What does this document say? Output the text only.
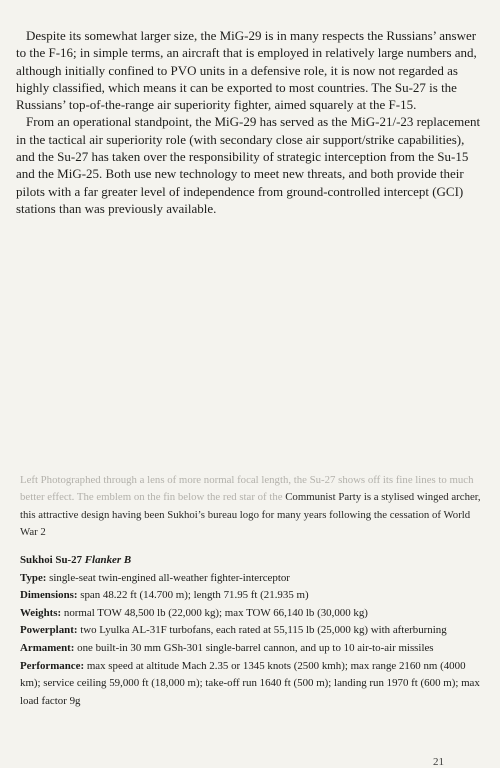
Despite its somewhat larger size, the MiG-29 is in many respects the Russians’ answer to the F-16; in simple terms, an aircraft that is employed in relatively large numbers and, although initially confined to PVO units in a defensive role, it is now not regarded as highly classified, which means it can be exported to most countries. The Su-27 is the Russians’ top-of-the-range air superiority fighter, aimed squarely at the F-15.

From an operational standpoint, the MiG-29 has served as the MiG-21/-23 replacement in the tactical air superiority role (with secondary close air support/strike capabilities), and the Su-27 has taken over the responsibility of strategic interception from the Su-15 and the MiG-25. Both use new technology to meet new threats, and both provide their pilots with a far greater level of independence from ground-controlled intercept (GCI) stations than was previously available.

Left Photographed through a lens of more normal focal length, the Su-27 shows off its fine lines to much better effect. The emblem on the fin below the red star of the Communist Party is a stylised winged archer, this attractive design having been Sukhoi’s bureau logo for many years following the cessation of World War 2
Sukhoi Su-27 Flanker B
Type: single-seat twin-engined all-weather fighter-interceptor
Dimensions: span 48.22 ft (14.700 m); length 71.95 ft (21.935 m)
Weights: normal TOW 48,500 lb (22,000 kg); max TOW 66,140 lb (30,000 kg)
Powerplant: two Lyulka AL-31F turbofans, each rated at 55,115 lb (25,000 kg) with afterburning
Armament: one built-in 30 mm GSh-301 single-barrel cannon, and up to 10 air-to-air missiles
Performance: max speed at altitude Mach 2.35 or 1345 knots (2500 kmh); max range 2160 nm (4000 km); service ceiling 59,000 ft (18,000 m); take-off run 1640 ft (500 m); landing run 1970 ft (600 m); max load factor 9g
21
